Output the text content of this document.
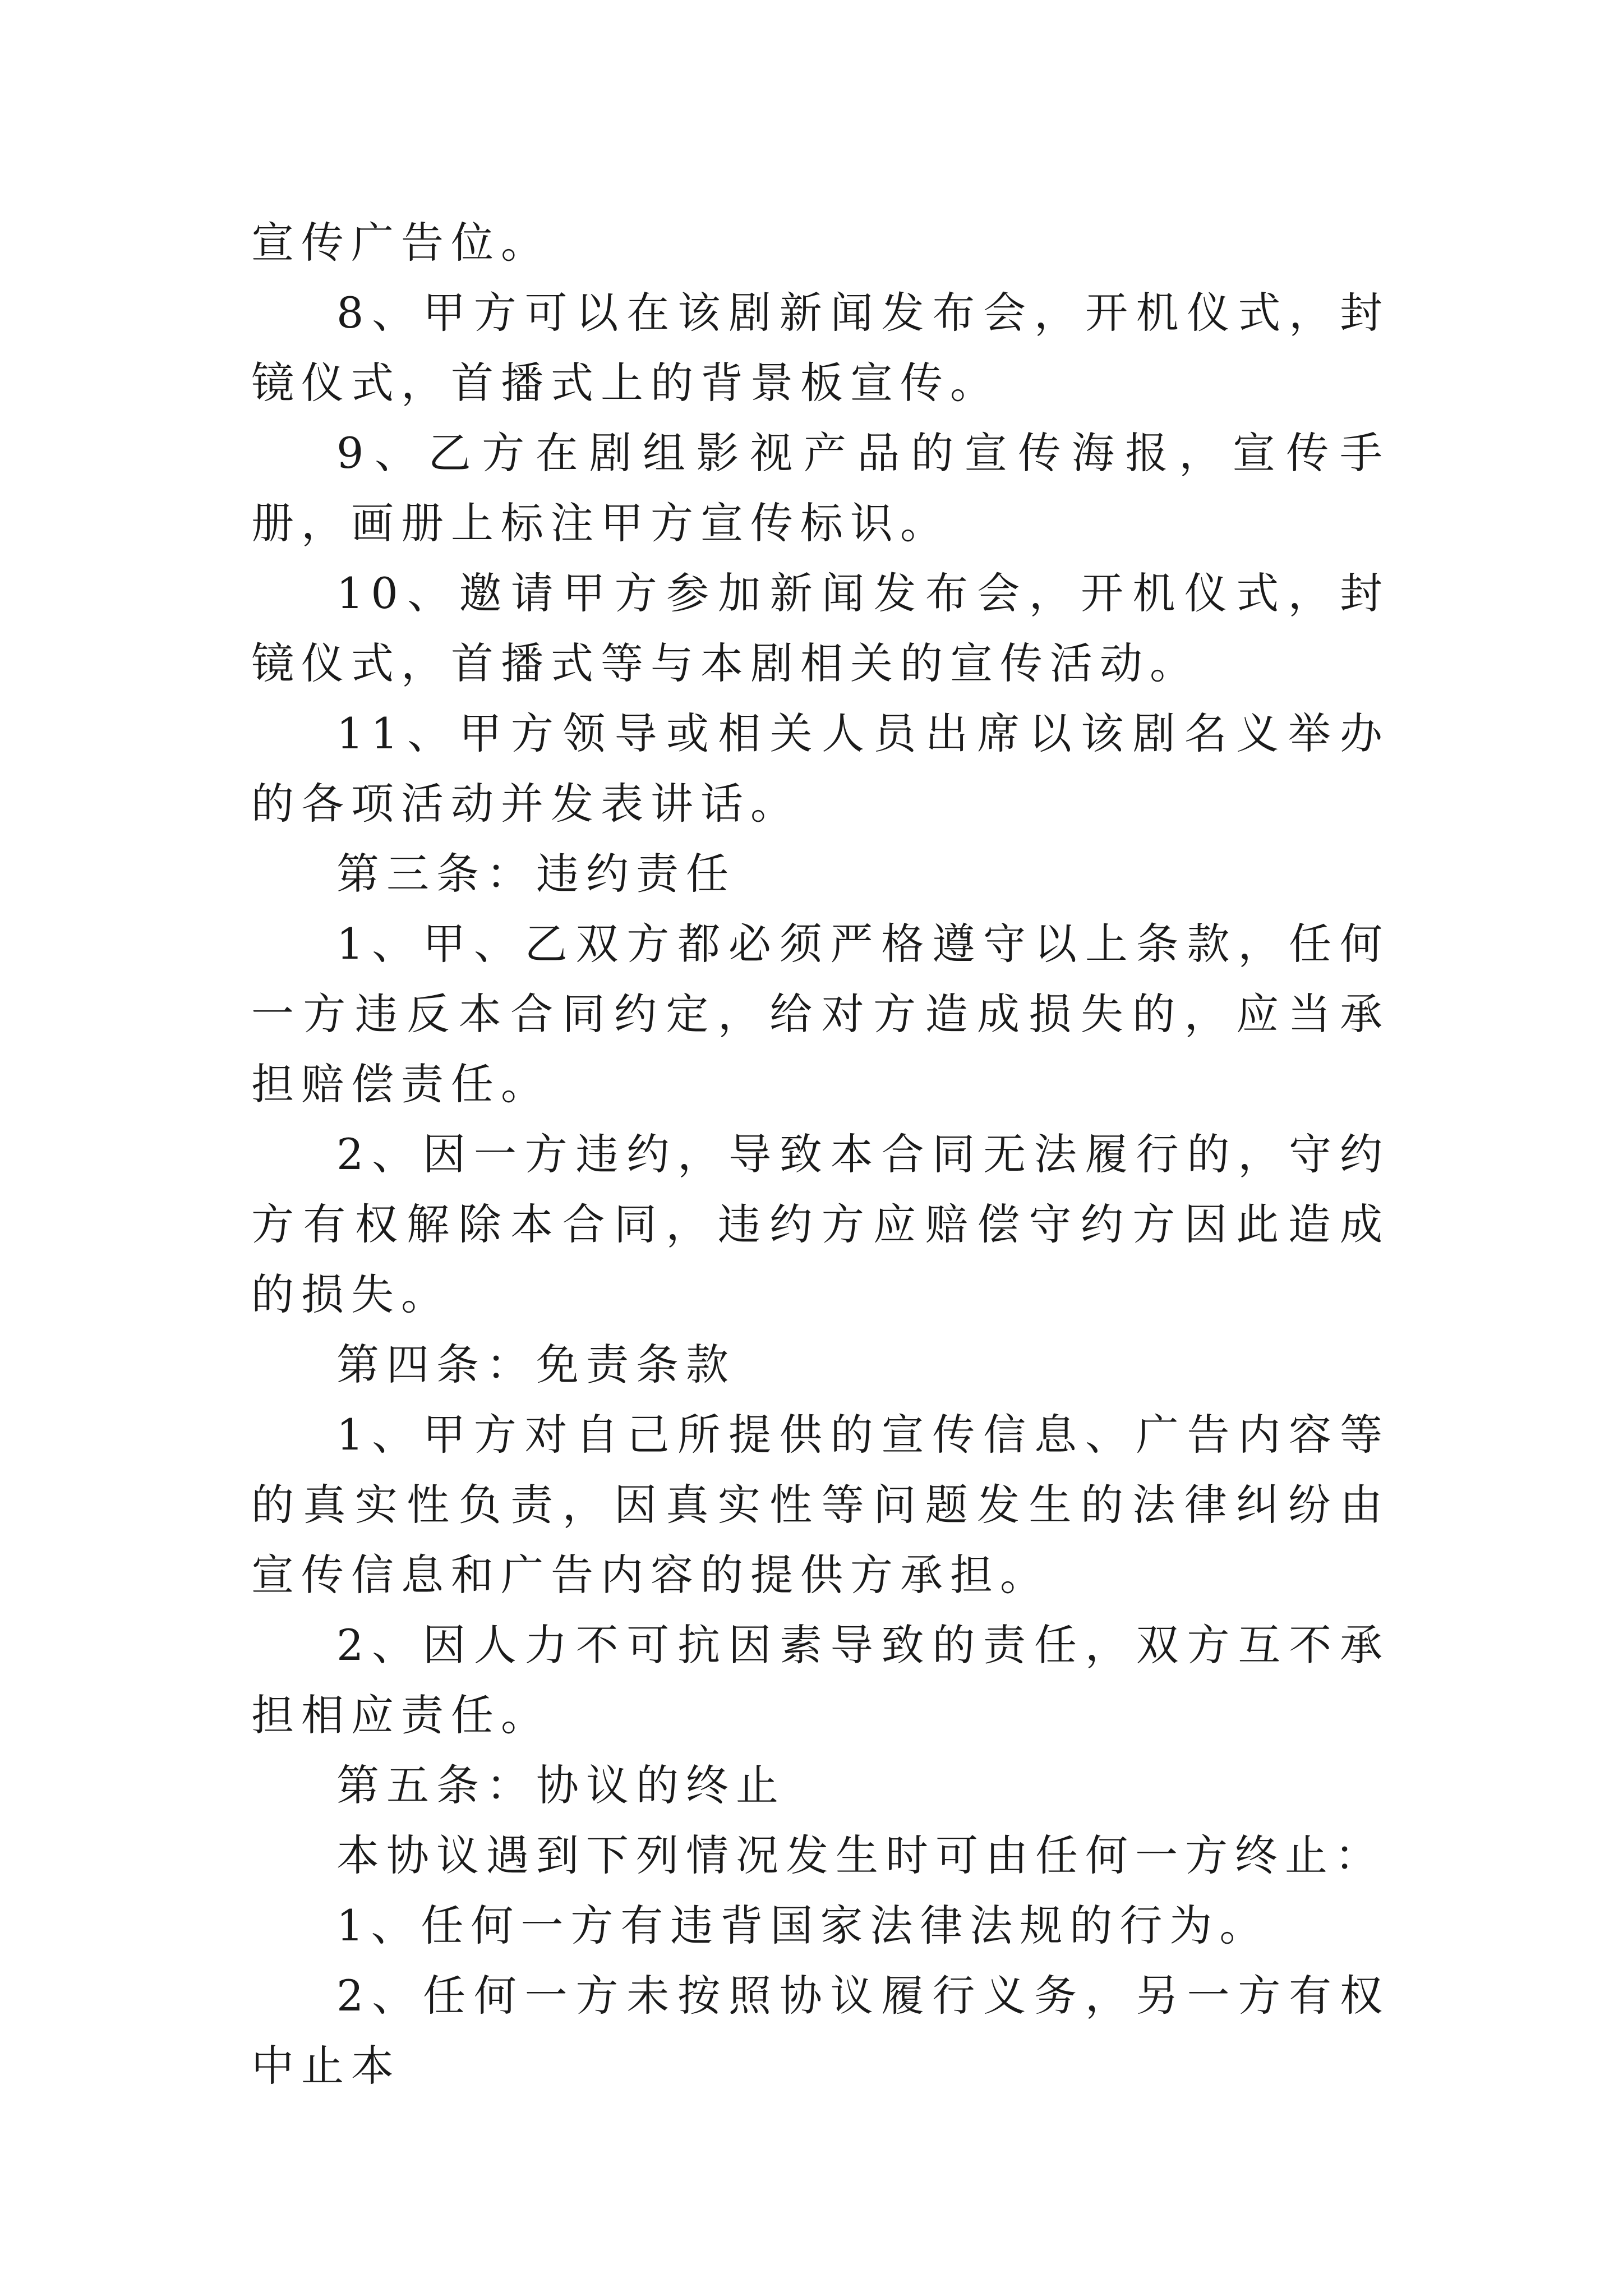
宣传广告位。

8、甲方可以在该剧新闻发布会，开机仪式，封镜仪式，首播式上的背景板宣传。

9、乙方在剧组影视产品的宣传海报，宣传手册，画册上标注甲方宣传标识。

10、邀请甲方参加新闻发布会，开机仪式，封镜仪式，首播式等与本剧相关的宣传活动。

11、甲方领导或相关人员出席以该剧名义举办的各项活动并发表讲话。

第三条：违约责任

1、甲、乙双方都必须严格遵守以上条款，任何一方违反本合同约定，给对方造成损失的，应当承担赔偿责任。

2、因一方违约，导致本合同无法履行的，守约方有权解除本合同，违约方应赔偿守约方因此造成的损失。

第四条：免责条款

1、甲方对自己所提供的宣传信息、广告内容等的真实性负责，因真实性等问题发生的法律纠纷由宣传信息和广告内容的提供方承担。

2、因人力不可抗因素导致的责任，双方互不承担相应责任。

第五条：协议的终止

本协议遇到下列情况发生时可由任何一方终止：

1、任何一方有违背国家法律法规的行为。

2、任何一方未按照协议履行义务，另一方有权中止本
